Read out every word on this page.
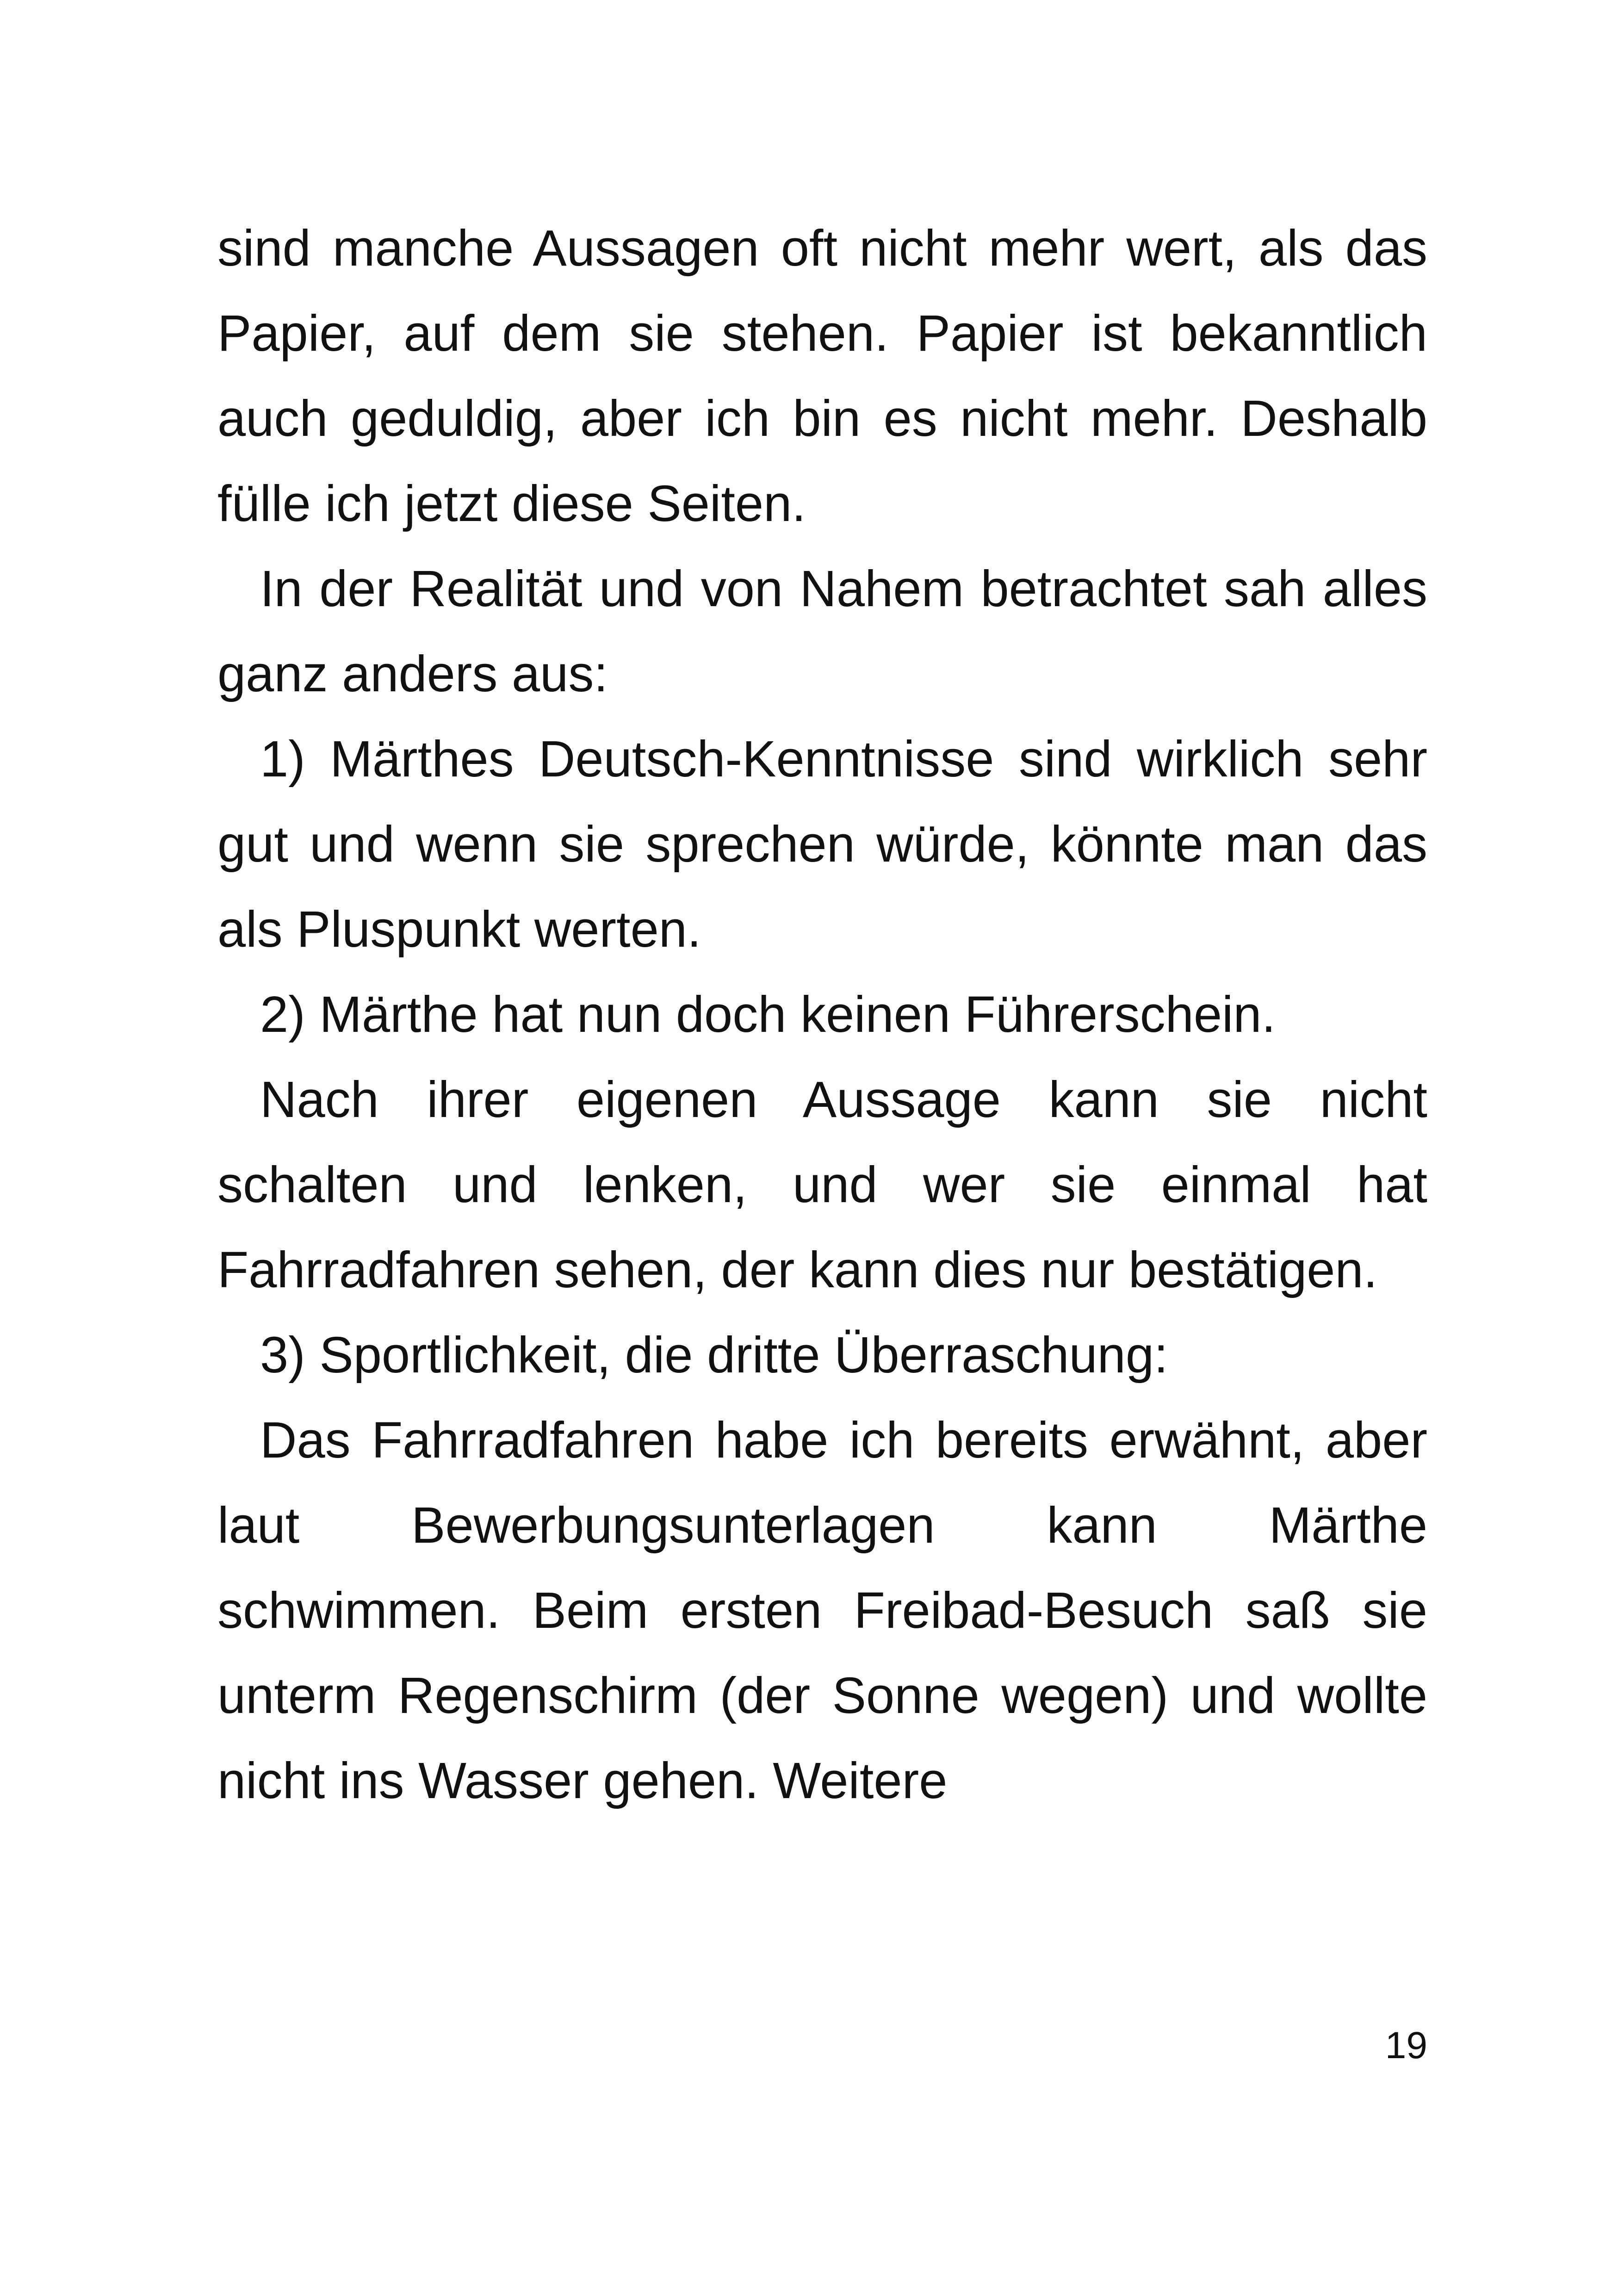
sind manche Aussagen oft nicht mehr wert, als das Papier, auf dem sie stehen. Papier ist bekanntlich auch geduldig, aber ich bin es nicht mehr. Deshalb fülle ich jetzt diese Seiten.

In der Realität und von Nahem betrachtet sah alles ganz anders aus:

1) Märthes Deutsch-Kenntnisse sind wirklich sehr gut und wenn sie sprechen würde, könnte man das als Pluspunkt werten.

2) Märthe hat nun doch keinen Führerschein.

Nach ihrer eigenen Aussage kann sie nicht schalten und lenken, und wer sie einmal hat Fahrradfahren sehen, der kann dies nur bestätigen.

3) Sportlichkeit, die dritte Überraschung:

Das Fahrradfahren habe ich bereits erwähnt, aber laut Bewerbungsunterlagen kann Märthe schwimmen. Beim ersten Freibad-Besuch saß sie unterm Regenschirm (der Sonne wegen) und wollte nicht ins Wasser gehen. Weitere

19
